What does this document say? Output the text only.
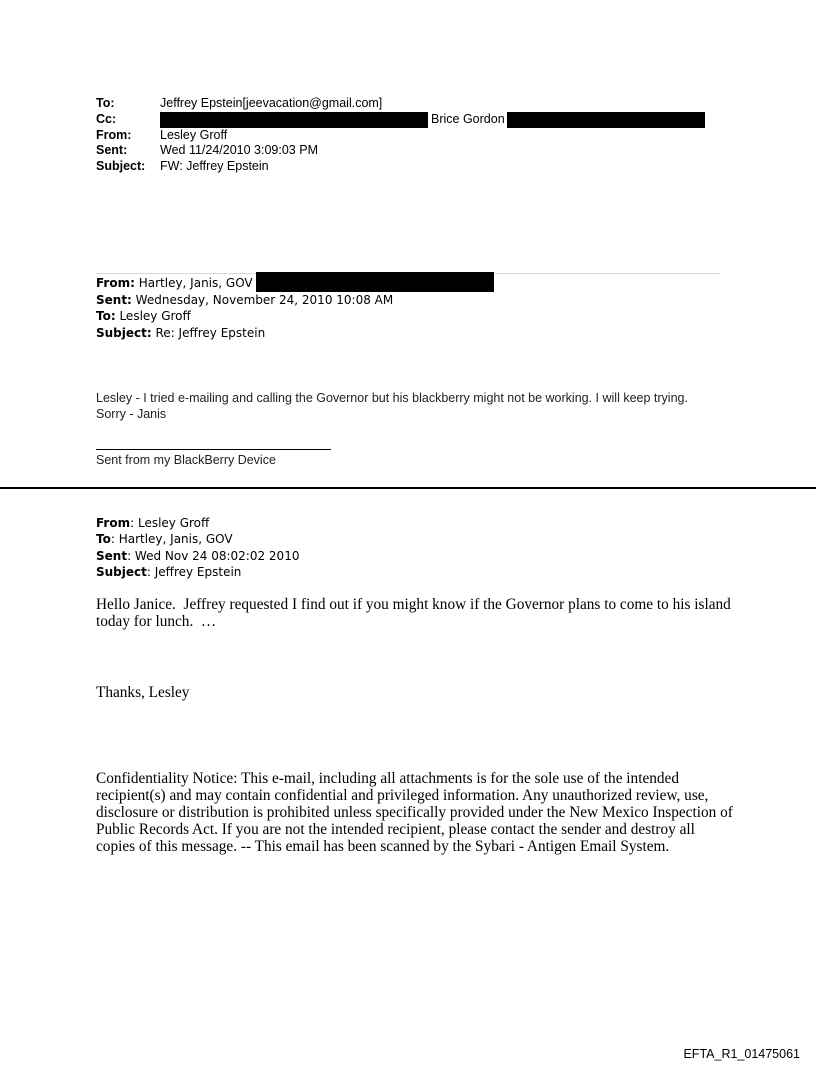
To:	Jeffrey Epstein[jeevacation@gmail.com]
Cc:	Brice Gordon
From:	Lesley Groff
Sent:	Wed 11/24/2010 3:09:03 PM
Subject:	FW: Jeffrey Epstein
From: Hartley, Janis, GOV
Sent: Wednesday, November 24, 2010 10:08 AM
To: Lesley Groff
Subject: Re: Jeffrey Epstein
Lesley - I tried e-mailing and calling the Governor but his blackberry might not be working. I will keep trying. Sorry - Janis
Sent from my BlackBerry Device
From: Lesley Groff
To: Hartley, Janis, GOV
Sent: Wed Nov 24 08:02:02 2010
Subject: Jeffrey Epstein
Hello Janice.  Jeffrey requested I find out if you might know if the Governor plans to come to his island today for lunch.  …
Thanks, Lesley
Confidentiality Notice: This e-mail, including all attachments is for the sole use of the intended recipient(s) and may contain confidential and privileged information. Any unauthorized review, use, disclosure or distribution is prohibited unless specifically provided under the New Mexico Inspection of Public Records Act. If you are not the intended recipient, please contact the sender and destroy all copies of this message. -- This email has been scanned by the Sybari - Antigen Email System.
EFTA_R1_01475061
